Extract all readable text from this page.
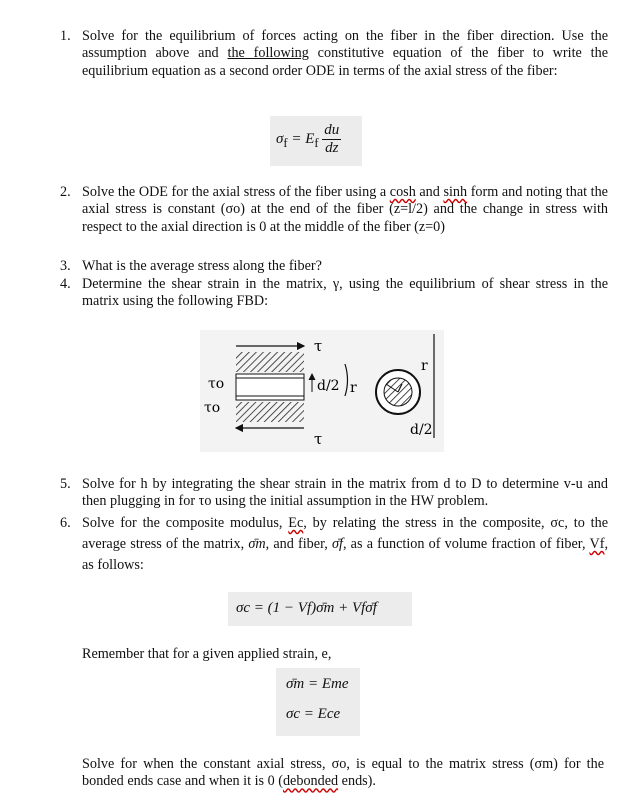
1. Solve for the equilibrium of forces acting on the fiber in the fiber direction. Use the assumption above and the following constitutive equation of the fiber to write the equilibrium equation as a second order ODE in terms of the axial stress of the fiber:
$\sigma_f = E_f \frac{du}{dz}$
2. Solve the ODE for the axial stress of the fiber using a cosh and sinh form and noting that the axial stress is constant (σo) at the end of the fiber (z=l/2) and the change in stress with respect to the axial direction is 0 at the middle of the fiber (z=0)
3. What is the average stress along the fiber?
4. Determine the shear strain in the matrix, γ, using the equilibrium of shear stress in the matrix using the following FBD:
τ
τ
τo
τo
d/2 r
r
d/2
5. Solve for h by integrating the shear strain in the matrix from d to D to determine v-u and then plugging in for τo using the initial assumption in the HW problem.
6. Solve for the composite modulus, Ec, by relating the stress in the composite, σc, to the average stress of the matrix, σ̄m, and fiber, σ̄f, as a function of volume fraction of fiber, Vf, as follows:
σc = (1 − Vf)σ̄m + Vfσ̄f
Remember that for a given applied strain, e,
σ̄m = Eme
σc = Ece
Solve for when the constant axial stress, σo, is equal to the matrix stress (σm) for the bonded ends case and when it is 0 (debonded ends).
